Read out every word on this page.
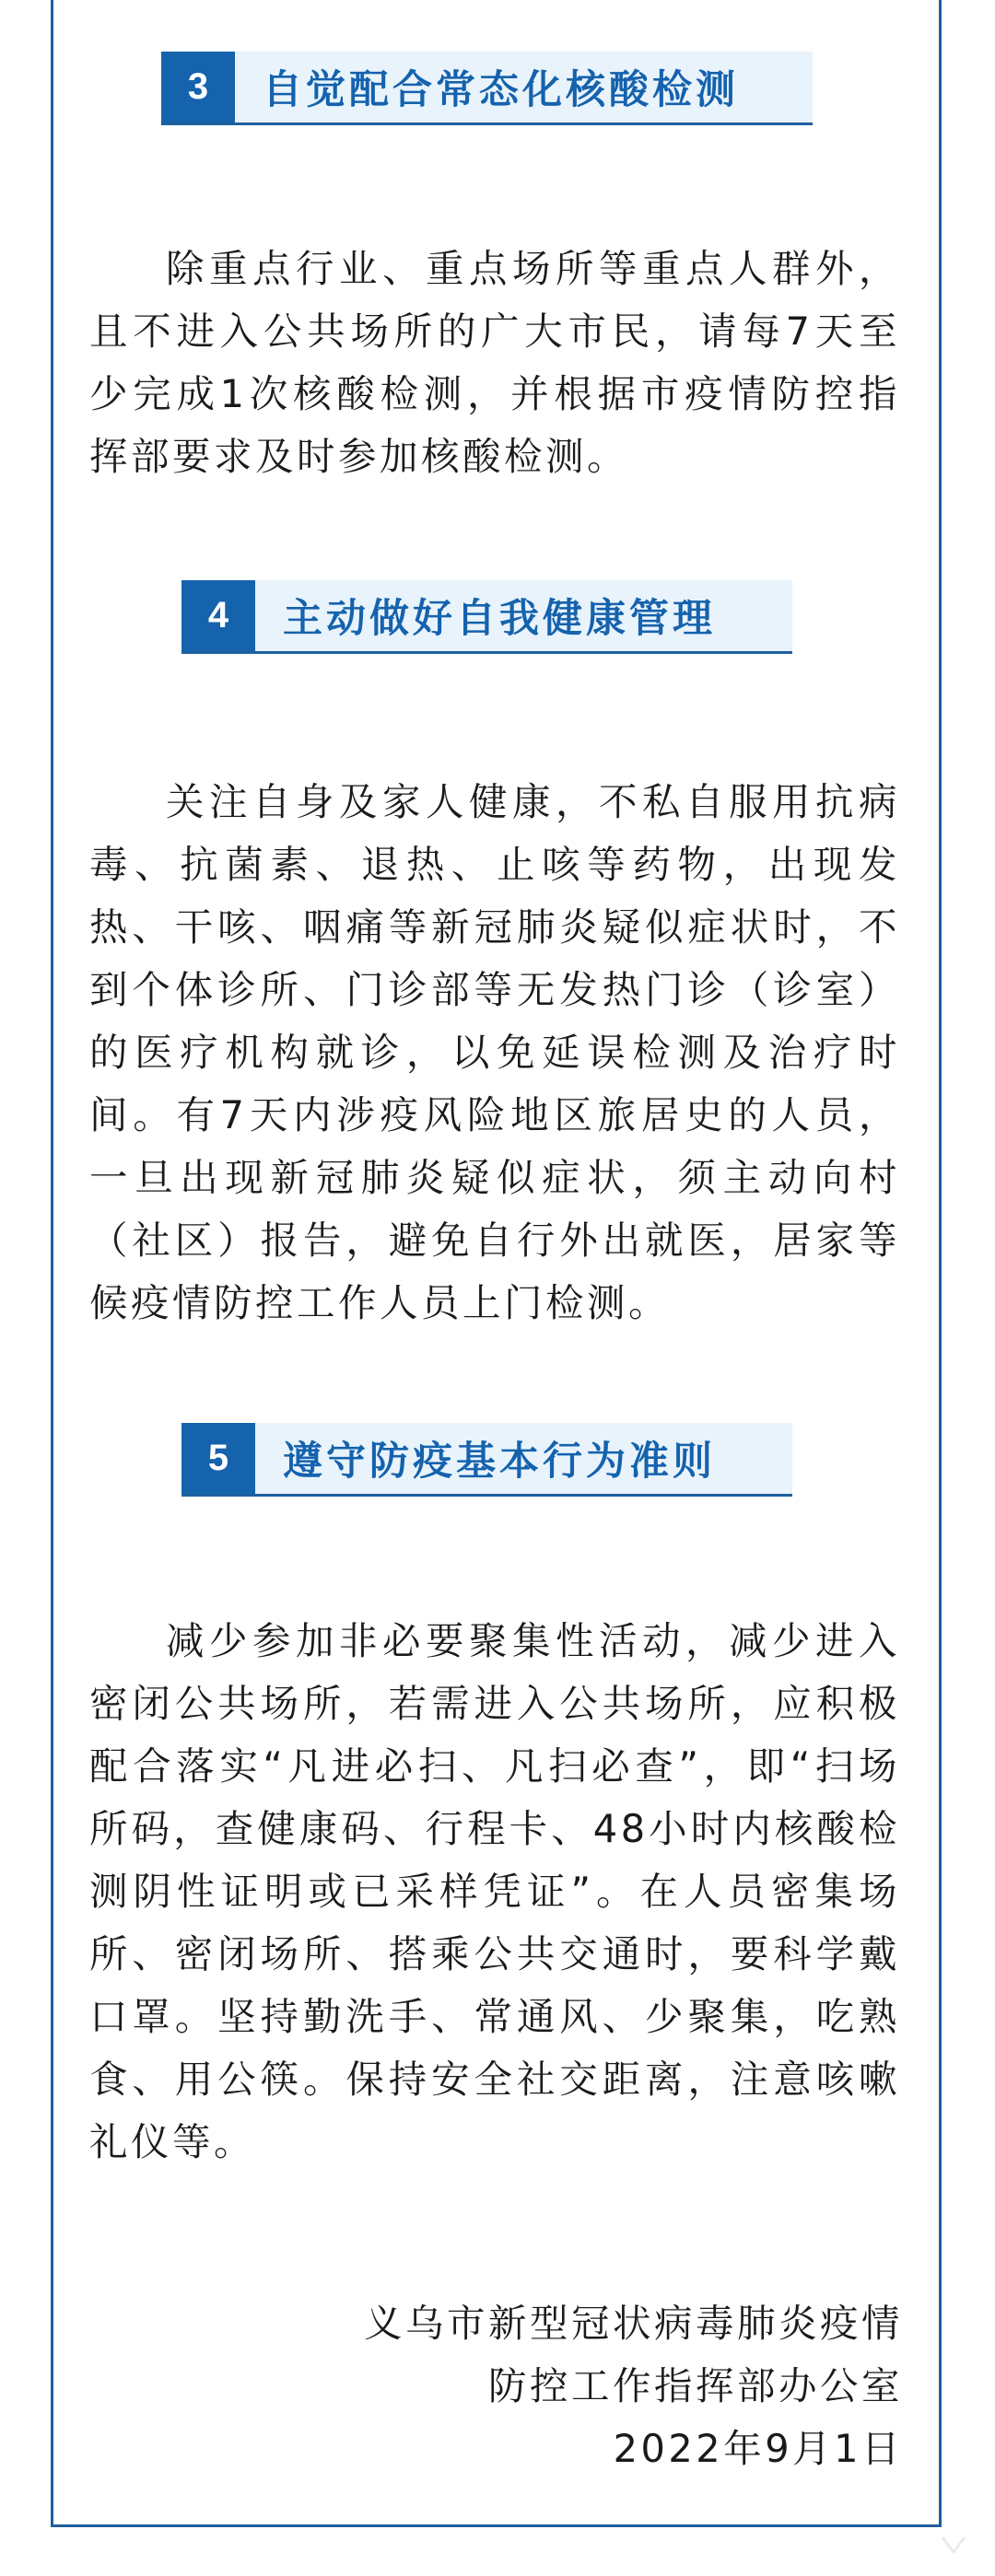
3	自觉配合常态化核酸检测

除重点行业、重点场所等重点人群外，且不进入公共场所的广大市民，请每7天至少完成1次核酸检测，并根据市疫情防控指挥部要求及时参加核酸检测。

4	主动做好自我健康管理

关注自身及家人健康，不私自服用抗病毒、抗菌素、退热、止咳等药物，出现发热、干咳、咽痛等新冠肺炎疑似症状时，不到个体诊所、门诊部等无发热门诊（诊室）的医疗机构就诊，以免延误检测及治疗时间。有7天内涉疫风险地区旅居史的人员，一旦出现新冠肺炎疑似症状，须主动向村（社区）报告，避免自行外出就医，居家等候疫情防控工作人员上门检测。

5	遵守防疫基本行为准则

减少参加非必要聚集性活动，减少进入密闭公共场所，若需进入公共场所，应积极配合落实“凡进必扫、凡扫必查”，即“扫场所码，查健康码、行程卡、48小时内核酸检测阴性证明或已采样凭证”。在人员密集场所、密闭场所、搭乘公共交通时，要科学戴口罩。坚持勤洗手、常通风、少聚集，吃熟食、用公筷。保持安全社交距离，注意咳嗽礼仪等。

义乌市新型冠状病毒肺炎疫情
防控工作指挥部办公室
2022年9月1日
